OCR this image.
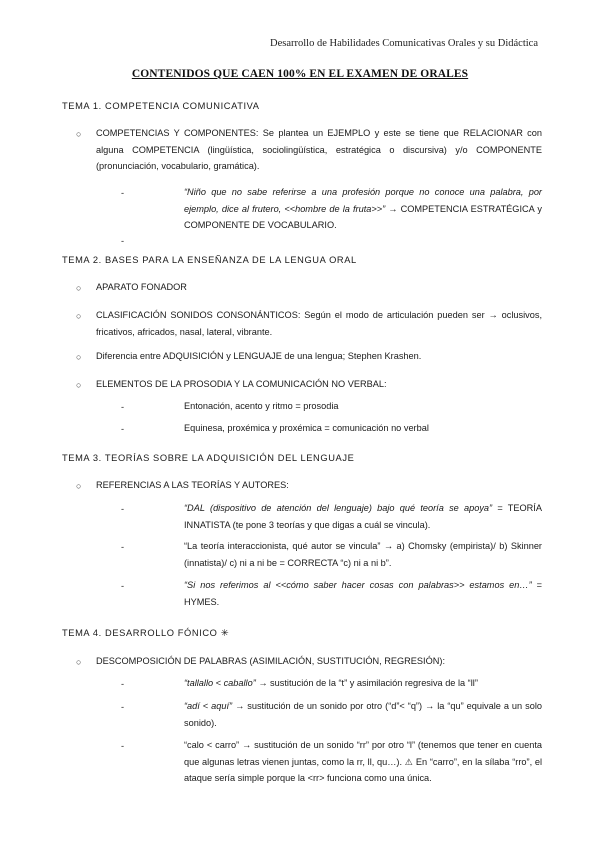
Desarrollo de Habilidades Comunicativas Orales y su Didáctica
CONTENIDOS QUE CAEN 100% EN EL EXAMEN DE ORALES
TEMA 1. COMPETENCIA COMUNICATIVA
○ COMPETENCIAS Y COMPONENTES: Se plantea un EJEMPLO y este se tiene que RELACIONAR con alguna COMPETENCIA (lingüística, sociolingüística, estratégica o discursiva) y/o COMPONENTE (pronunciación, vocabulario, gramática).
-	“Niño que no sabe referirse a una profesión porque no conoce una palabra, por ejemplo, dice al frutero, <<hombre de la fruta>>” → COMPETENCIA ESTRATÉGICA y COMPONENTE DE VOCABULARIO.
-
TEMA 2. BASES PARA LA ENSEÑANZA DE LA LENGUA ORAL
○ APARATO FONADOR
○ CLASIFICACIÓN SONIDOS CONSONÁNTICOS: Según el modo de articulación pueden ser → oclusivos, fricativos, africados, nasal, lateral, vibrante.
○ Diferencia entre ADQUISICIÓN y LENGUAJE de una lengua; Stephen Krashen.
○ ELEMENTOS DE LA PROSODIA Y LA COMUNICACIÓN NO VERBAL:
-	Entonación, acento y ritmo = prosodia
-	Equinesa, proxémica y proxémica = comunicación no verbal
TEMA 3. TEORÍAS SOBRE LA ADQUISICIÓN DEL LENGUAJE
○ REFERENCIAS A LAS TEORÍAS Y AUTORES:
-	“DAL (dispositivo de atención del lenguaje) bajo qué teoría se apoya” = TEORÍA INNATISTA (te pone 3 teorías y que digas a cuál se vincula).
-	“La teoría interaccionista, qué autor se vincula” → a) Chomsky (empirista)/ b) Skinner (innatista)/ c) ni a ni be = CORRECTA “c) ni a ni b”.
-	“Si nos referimos al <<cómo saber hacer cosas con palabras>> estamos en…” = HYMES.
TEMA 4. DESARROLLO FÓNICO ✳
○ DESCOMPOSICIÓN DE PALABRAS (ASIMILACIÓN, SUSTITUCIÓN, REGRESIÓN):
-	“tallallo < caballo” → sustitución de la “t” y asimilación regresiva de la “ll”
-	“adí < aquí” → sustitución de un sonido por otro (“d”< “q”) → la “qu” equivale a un solo sonido).
-	“calo < carro” → sustitución de un sonido “rr” por otro “l” (tenemos que tener en cuenta que algunas letras vienen juntas, como la rr, ll, qu…). ⚠ En “carro”, en la sílaba “rro”, el ataque sería simple porque la <rr> funciona como una única.
